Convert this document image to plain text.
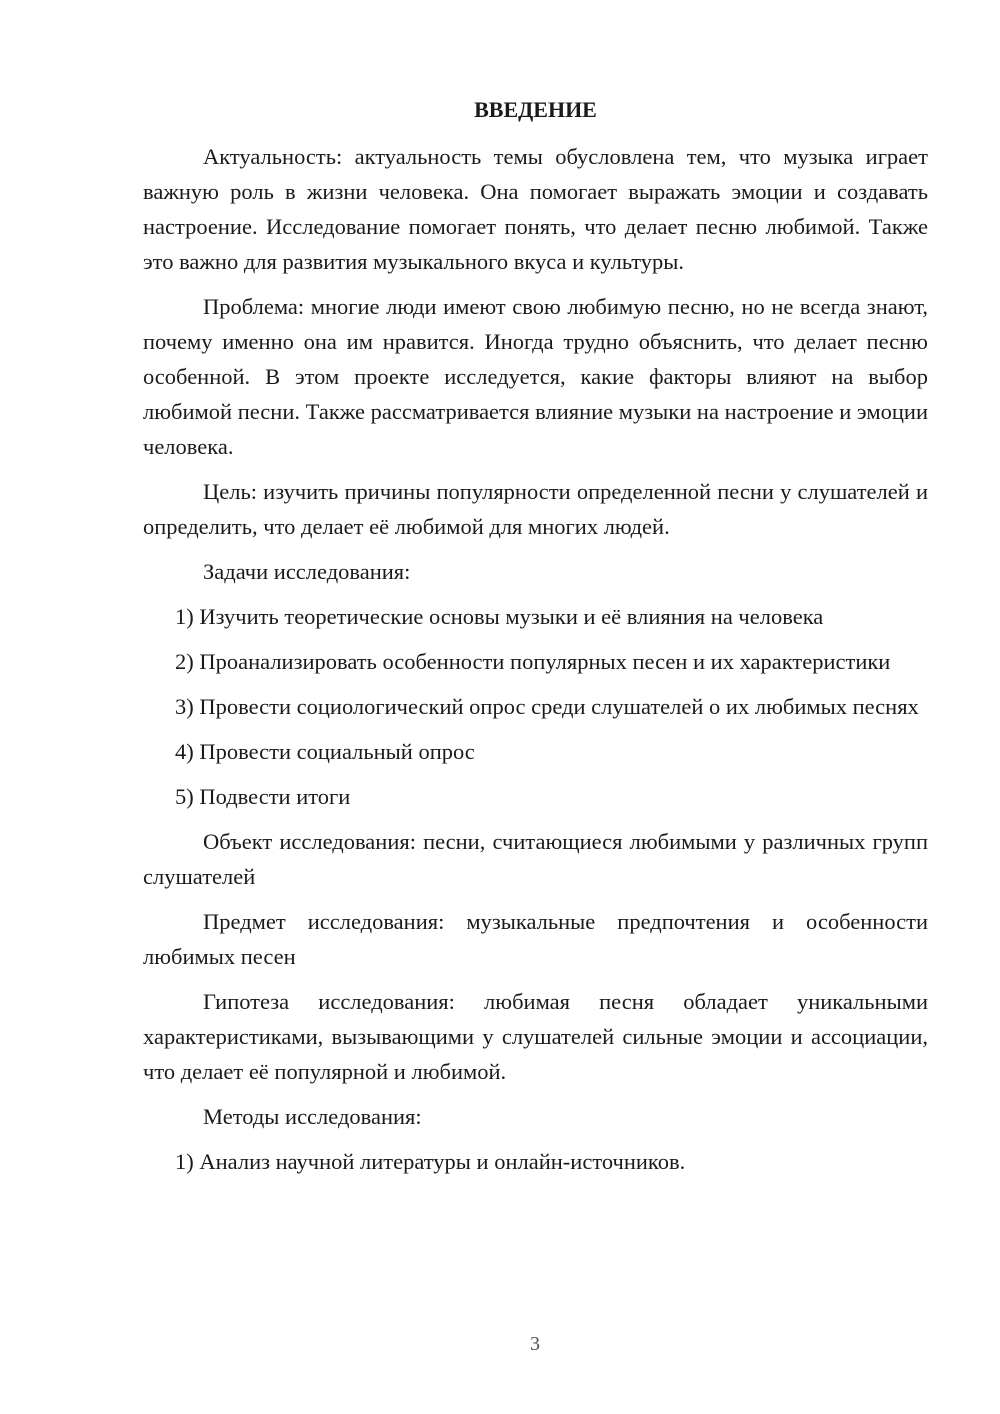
ВВЕДЕНИЕ

Актуальность: актуальность темы обусловлена тем, что музыка играет важную роль в жизни человека. Она помогает выражать эмоции и создавать настроение. Исследование помогает понять, что делает песню любимой. Также это важно для развития музыкального вкуса и культуры.

Проблема: многие люди имеют свою любимую песню, но не всегда знают, почему именно она им нравится. Иногда трудно объяснить, что делает песню особенной. В этом проекте исследуется, какие факторы влияют на выбор любимой песни. Также рассматривается влияние музыки на настроение и эмоции человека.

Цель: изучить причины популярности определенной песни у слушателей и определить, что делает её любимой для многих людей.

Задачи исследования:

1) Изучить теоретические основы музыки и её влияния на человека

2) Проанализировать особенности популярных песен и их характеристики

3) Провести социологический опрос среди слушателей о их любимых песнях

4) Провести социальный опрос

5) Подвести итоги

Объект исследования: песни, считающиеся любимыми у различных групп слушателей

Предмет исследования: музыкальные предпочтения и особенности любимых песен

Гипотеза исследования: любимая песня обладает уникальными характеристиками, вызывающими у слушателей сильные эмоции и ассоциации, что делает её популярной и любимой.

Методы исследования:

1) Анализ научной литературы и онлайн-источников.

3
